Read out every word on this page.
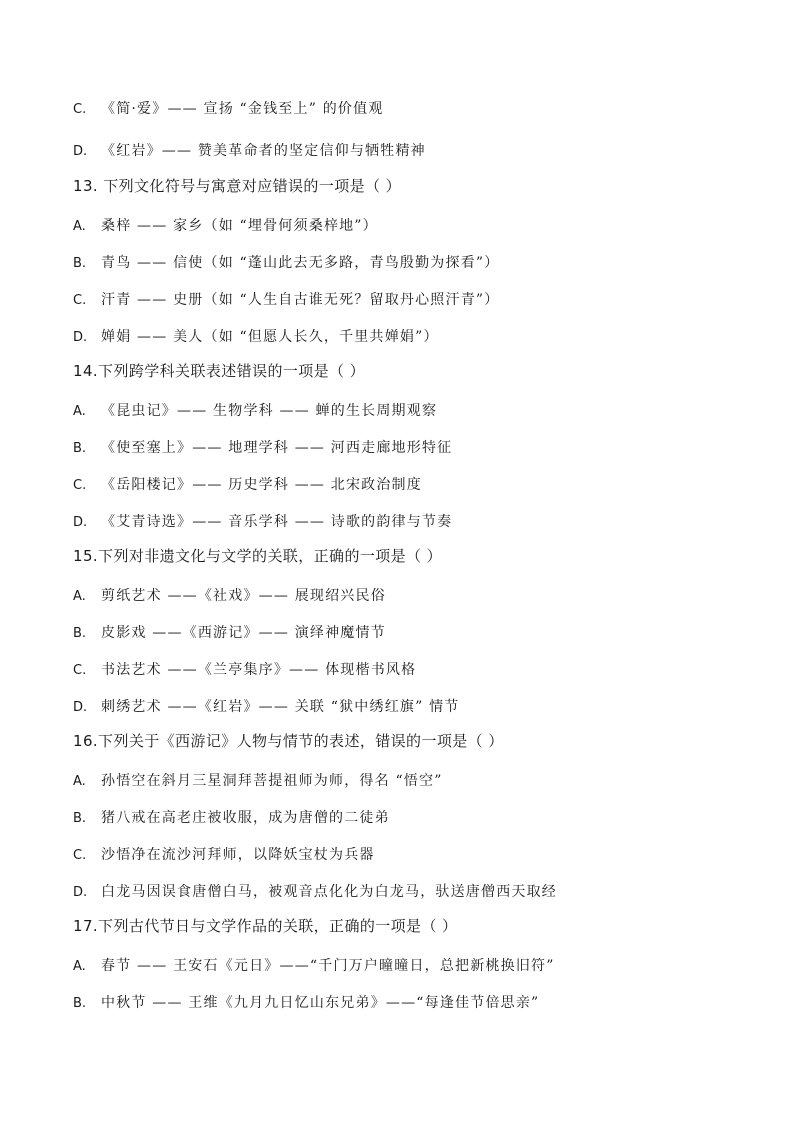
C. 《简·爱》—— 宣扬 “金钱至上” 的价值观
D. 《红岩》—— 赞美革命者的坚定信仰与牺牲精神
13. 下列文化符号与寓意对应错误的一项是（ ）
A. 桑梓 —— 家乡（如 “埋骨何须桑梓地”）
B. 青鸟 —— 信使（如 “蓬山此去无多路，青鸟殷勤为探看”）
C. 汗青 —— 史册（如 “人生自古谁无死？留取丹心照汗青”）
D. 婵娟 —— 美人（如 “但愿人长久，千里共婵娟”）
14.下列跨学科关联表述错误的一项是（ ）
A. 《昆虫记》—— 生物学科 —— 蝉的生长周期观察
B. 《使至塞上》—— 地理学科 —— 河西走廊地形特征
C. 《岳阳楼记》—— 历史学科 —— 北宋政治制度
D. 《艾青诗选》—— 音乐学科 —— 诗歌的韵律与节奏
15.下列对非遗文化与文学的关联，正确的一项是（ ）
A. 剪纸艺术 ——《社戏》—— 展现绍兴民俗
B. 皮影戏 ——《西游记》—— 演绎神魔情节
C. 书法艺术 ——《兰亭集序》—— 体现楷书风格
D. 刺绣艺术 ——《红岩》—— 关联 “狱中绣红旗” 情节
16.下列关于《西游记》人物与情节的表述，错误的一项是（ ）
A. 孙悟空在斜月三星洞拜菩提祖师为师，得名 “悟空”
B. 猪八戒在高老庄被收服，成为唐僧的二徒弟
C. 沙悟净在流沙河拜师，以降妖宝杖为兵器
D. 白龙马因误食唐僧白马，被观音点化化为白龙马，驮送唐僧西天取经
17.下列古代节日与文学作品的关联，正确的一项是（ ）
A. 春节 —— 王安石《元日》——“千门万户曈曈日，总把新桃换旧符”
B. 中秋节 —— 王维《九月九日忆山东兄弟》——“每逢佳节倍思亲”
